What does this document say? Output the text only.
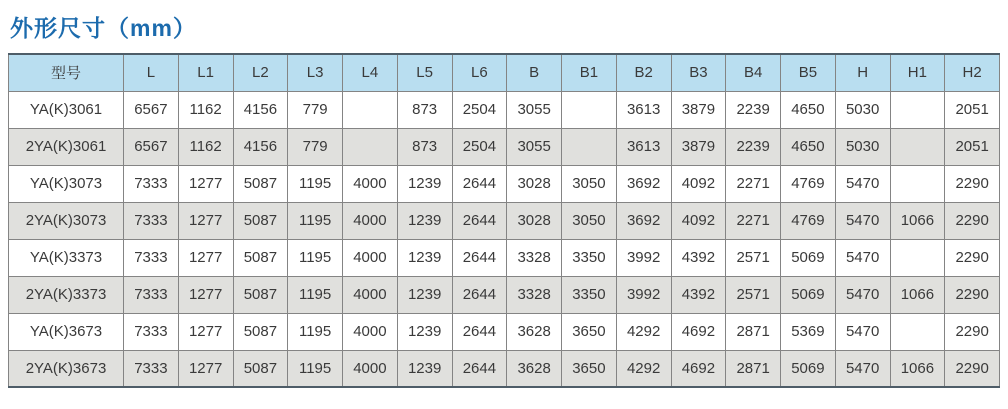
外形尺寸（mm）
型号	L	L1	L2	L3	L4	L5	L6	B	B1	B2	B3	B4	B5	H	H1	H2
YA(K)3061	6567	1162	4156	779		873	2504	3055		3613	3879	2239	4650	5030		2051
2YA(K)3061	6567	1162	4156	779		873	2504	3055		3613	3879	2239	4650	5030		2051
YA(K)3073	7333	1277	5087	1195	4000	1239	2644	3028	3050	3692	4092	2271	4769	5470		2290
2YA(K)3073	7333	1277	5087	1195	4000	1239	2644	3028	3050	3692	4092	2271	4769	5470	1066	2290
YA(K)3373	7333	1277	5087	1195	4000	1239	2644	3328	3350	3992	4392	2571	5069	5470		2290
2YA(K)3373	7333	1277	5087	1195	4000	1239	2644	3328	3350	3992	4392	2571	5069	5470	1066	2290
YA(K)3673	7333	1277	5087	1195	4000	1239	2644	3628	3650	4292	4692	2871	5369	5470		2290
2YA(K)3673	7333	1277	5087	1195	4000	1239	2644	3628	3650	4292	4692	2871	5069	5470	1066	2290
